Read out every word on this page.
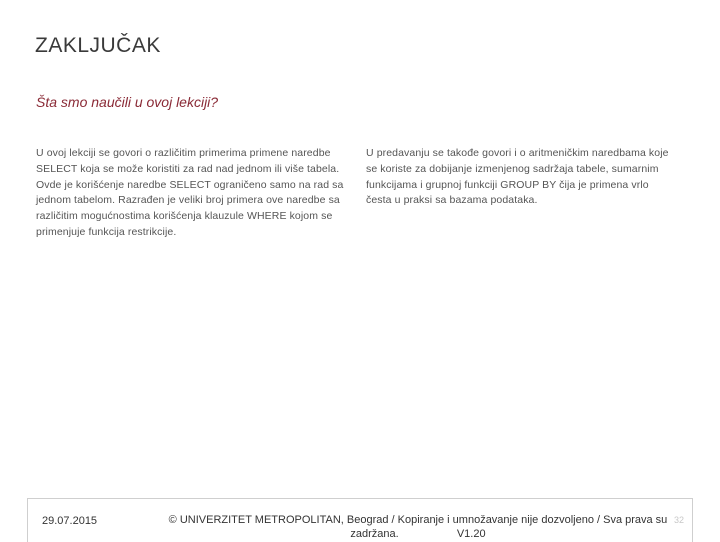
ZAKLJUČAK

Šta smo naučili u ovoj lekciji?

U ovoj lekciji se govori o različitim primerima primene naredbe
SELECT koja se može koristiti za rad nad jednom ili više tabela.
Ovde je korišćenje naredbe SELECT ograničeno samo na rad sa
jednom tabelom. Razrađen je veliki broj primera ove naredbe sa
različitim mogućnostima korišćenja klauzule WHERE kojom se
primenjuje funkcija restrikcije.
U predavanju se takođe govori i o aritmeničkim naredbama koje
se koriste za dobijanje izmenjenog sadržaja tabele, sumarnim
funkcijama i grupnoj funkciji GROUP BY čija je primena vrlo
česta u praksi sa bazama podataka.
29.07.2015	© UNIVERZITET METROPOLITAN, Beograd / Kopiranje i umnožavanje nije dozvoljeno / Sva prava su
zadržana.	V1.20
32
